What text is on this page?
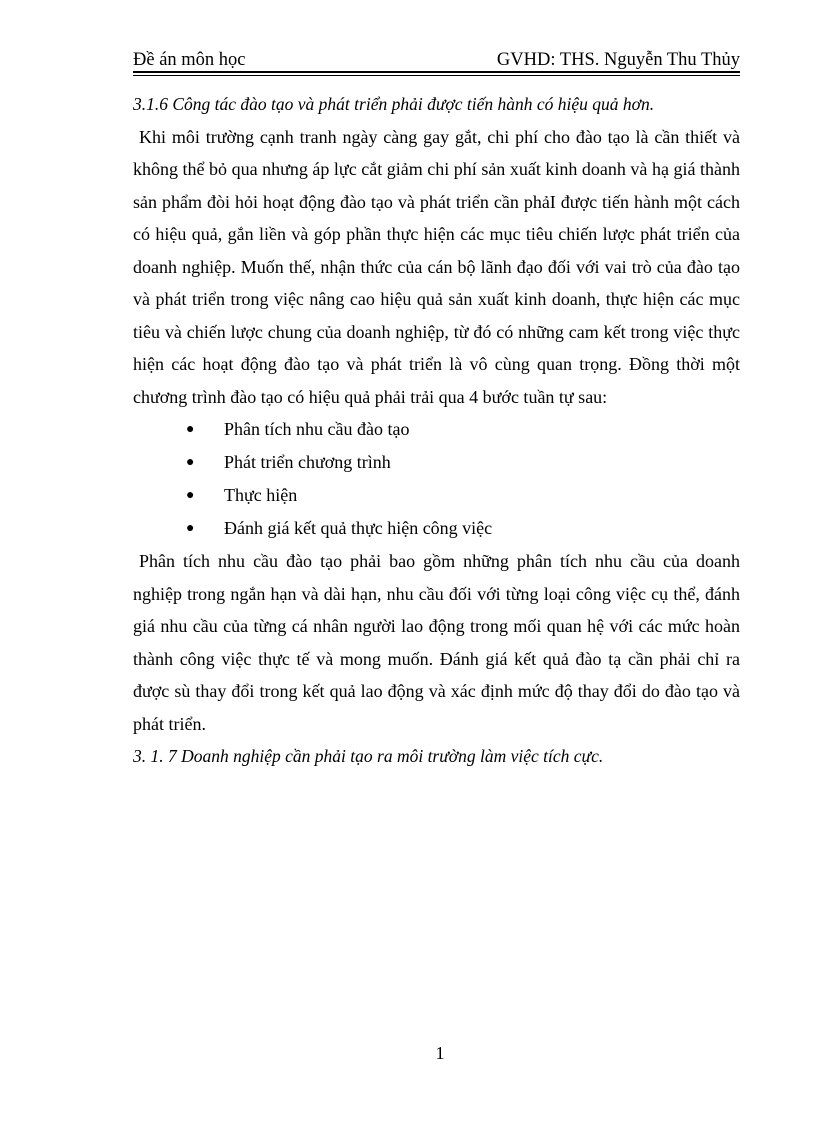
Đề án môn học	GVHD: THS. Nguyễn Thu Thủy

3.1.6 Công tác đào tạo và phát triển phải được tiến hành có hiệu quả hơn.

Khi môi trường cạnh tranh ngày càng gay gắt, chi phí cho đào tạo là cần thiết và không thể bỏ qua nhưng áp lực cắt giảm chi phí sản xuất kinh doanh và hạ giá thành sản phẩm đòi hỏi hoạt động đào tạo và phát triển cần phảI được tiến hành một cách có hiệu quả, gắn liền và góp phần thực hiện các mục tiêu chiến lược phát triển của doanh nghiệp. Muốn thế, nhận thức của cán bộ lãnh đạo đối với vai trò của đào tạo và phát triển trong việc nâng cao hiệu quả sản xuất kinh doanh, thực hiện các mục tiêu và chiến lược chung của doanh nghiệp, từ đó có những cam kết trong việc thực hiện các hoạt động đào tạo và phát triển là vô cùng quan trọng. Đồng thời một chương trình đào tạo có hiệu quả phải trải qua 4 bước tuần tự sau:

● Phân tích nhu cầu đào tạo
● Phát triển chương trình
● Thực hiện
● Đánh giá kết quả thực hiện công việc

Phân tích nhu cầu đào tạo phải bao gồm những phân tích nhu cầu của doanh nghiệp trong ngắn hạn và dài hạn, nhu cầu đối với từng loại công việc cụ thể, đánh giá nhu cầu của từng cá nhân người lao động trong mối quan hệ với các mức hoàn thành công việc thực tế và mong muốn. Đánh giá kết quả đào tạ cần phải chỉ ra được sù thay đổi trong kết quả lao động và xác định mức độ thay đổi do đào tạo và phát triển.

3. 1. 7 Doanh nghiệp cần phải tạo ra môi trường làm việc tích cực.

1
